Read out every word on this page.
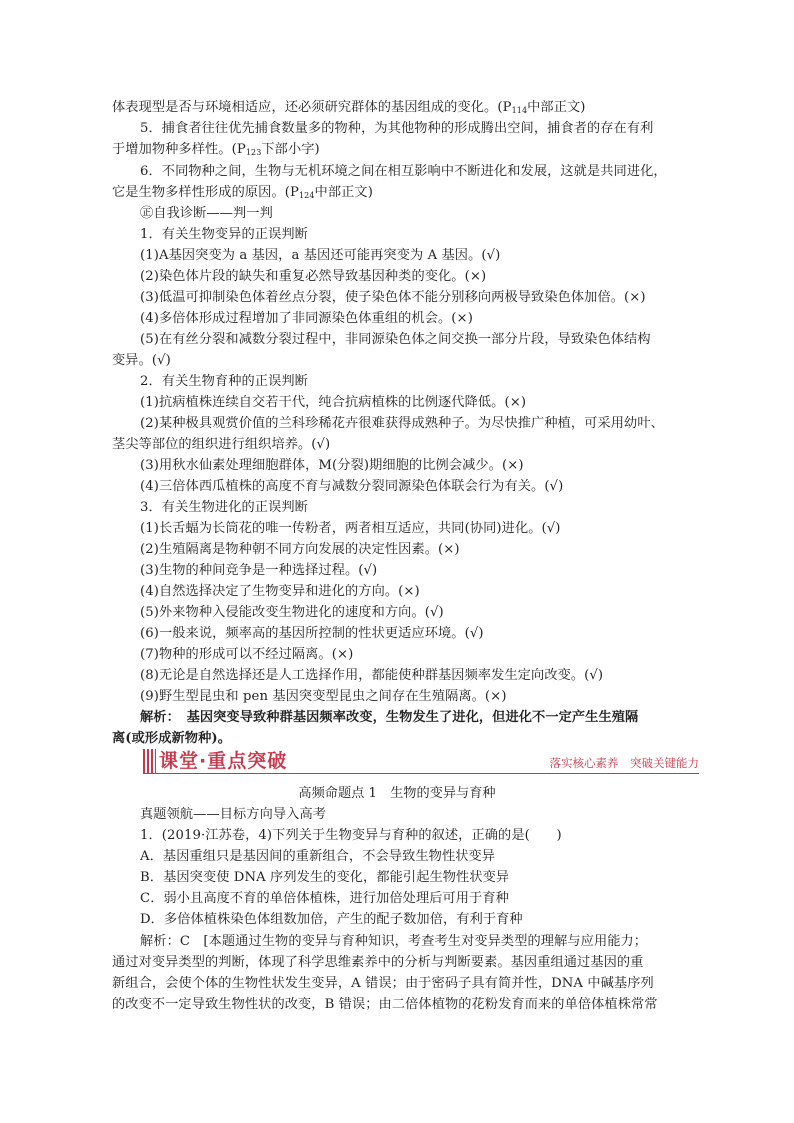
体表现型是否与环境相适应，还必须研究群体的基因组成的变化。($P_{114}$中部正文)
5．捕食者往往优先捕食数量多的物种，为其他物种的形成腾出空间，捕食者的存在有利
于增加物种多样性。($P_{123}$下部小字)
6．不同物种之间，生物与无机环境之间在相互影响中不断进化和发展，这就是共同进化，
它是生物多样性形成的原因。($P_{124}$中部正文)
㊣自我诊断——判一判
1．有关生物变异的正误判断
(1)A基因突变为 a 基因，a 基因还可能再突变为 A 基因。(√)
(2)染色体片段的缺失和重复必然导致基因种类的变化。(×)
(3)低温可抑制染色体着丝点分裂，使子染色体不能分别移向两极导致染色体加倍。(×)
(4)多倍体形成过程增加了非同源染色体重组的机会。(×)
(5)在有丝分裂和减数分裂过程中，非同源染色体之间交换一部分片段，导致染色体结构
变异。(√)
2．有关生物育种的正误判断
(1)抗病植株连续自交若干代，纯合抗病植株的比例逐代降低。(×)
(2)某种极具观赏价值的兰科珍稀花卉很难获得成熟种子。为尽快推广种植，可采用幼叶、
茎尖等部位的组织进行组织培养。(√)
(3)用秋水仙素处理细胞群体，M(分裂)期细胞的比例会减少。(×)
(4)三倍体西瓜植株的高度不育与减数分裂同源染色体联会行为有关。(√)
3．有关生物进化的正误判断
(1)长舌蝠为长筒花的唯一传粉者，两者相互适应，共同(协同)进化。(√)
(2)生殖隔离是物种朝不同方向发展的决定性因素。(×)
(3)生物的种间竞争是一种选择过程。(√)
(4)自然选择决定了生物变异和进化的方向。(×)
(5)外来物种入侵能改变生物进化的速度和方向。(√)
(6)一般来说，频率高的基因所控制的性状更适应环境。(√)
(7)物种的形成可以不经过隔离。(×)
(8)无论是自然选择还是人工选择作用，都能使种群基因频率发生定向改变。(√)
(9)野生型昆虫和 pen 基因突变型昆虫之间存在生殖隔离。(×)
解析：　 基因突变导致种群基因频率改变，生物发生了进化，但进化不一定产生生殖隔
离(或形成新物种)。
课堂·重点突破	落实核心素养　突破关键能力
高频命题点 1　生物的变异与育种
真题领航——目标方向导入高考
1．(2019·江苏卷，4)下列关于生物变异与育种的叙述，正确的是(　　)
A．基因重组只是基因间的重新组合，不会导致生物性状变异
B．基因突变使 DNA 序列发生的变化，都能引起生物性状变异
C．弱小且高度不育的单倍体植株，进行加倍处理后可用于育种
D．多倍体植株染色体组数加倍，产生的配子数加倍，有利于育种
解析：C　 [本题通过生物的变异与育种知识，考查考生对变异类型的理解与应用能力；
通过对变异类型的判断，体现了科学思维素养中的分析与判断要素。基因重组通过基因的重
新组合，会使个体的生物性状发生变异，A 错误；由于密码子具有简并性，DNA 中碱基序列
的改变不一定导致生物性状的改变，B 错误；由二倍体植物的花粉发育而来的单倍体植株常常
